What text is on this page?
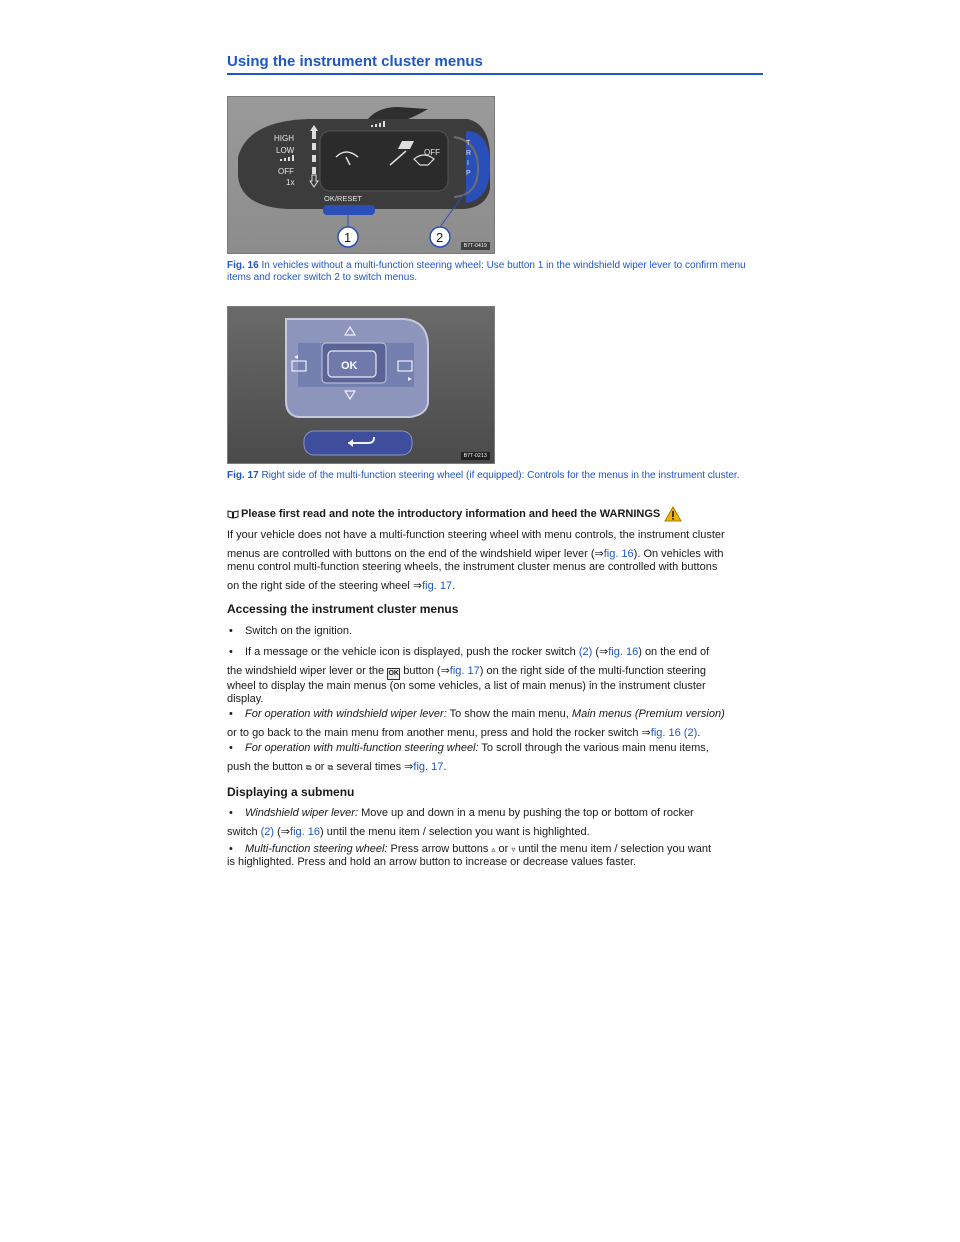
Using the instrument cluster menus
HIGH
LOW
OFF
1x
OFF
OK/RESET
T
R
I
P
1	2
B7T-0419
Fig. 16 In vehicles without a multi-function steering wheel: Use button 1 in the windshield wiper lever to confirm menu items and rocker switch 2 to switch menus.
OK
B7T-0213
Fig. 17 Right side of the multi-function steering wheel (if equipped): Controls for the menus in the instrument cluster.
Please first read and note the introductory information and heed the WARNINGS

If your vehicle does not have a multi-function steering wheel with menu controls, the instrument cluster

menus are controlled with buttons on the end of the windshield wiper lever (⇒fig. 16). On vehicles with

menu control multi-function steering wheels, the instrument cluster menus are controlled with buttons

on the right side of the steering wheel ⇒fig. 17.

Accessing the instrument cluster menus
• Switch on the ignition.
• If a message or the vehicle icon is displayed, push the rocker switch (2) (⇒fig. 16) on the end of
the windshield wiper lever or the OK button (⇒fig. 17) on the right side of the multi-function steering
wheel to display the main menus (on some vehicles, a list of main menus) in the instrument cluster
display.
• For operation with windshield wiper lever: To show the main menu, Main menus (Premium version)
or to go back to the main menu from another menu, press and hold the rocker switch ⇒fig. 16 (2).
• For operation with multi-function steering wheel: To scroll through the various main menu items,
push the button ⧉ or ⧉ several times ⇒fig. 17.
Displaying a submenu
• Windshield wiper lever: Move up and down in a menu by pushing the top or bottom of rocker
switch (2) (⇒fig. 16) until the menu item / selection you want is highlighted.
• Multi-function steering wheel: Press arrow buttons ▵ or ▿ until the menu item / selection you want
is highlighted. Press and hold an arrow button to increase or decrease values faster.
